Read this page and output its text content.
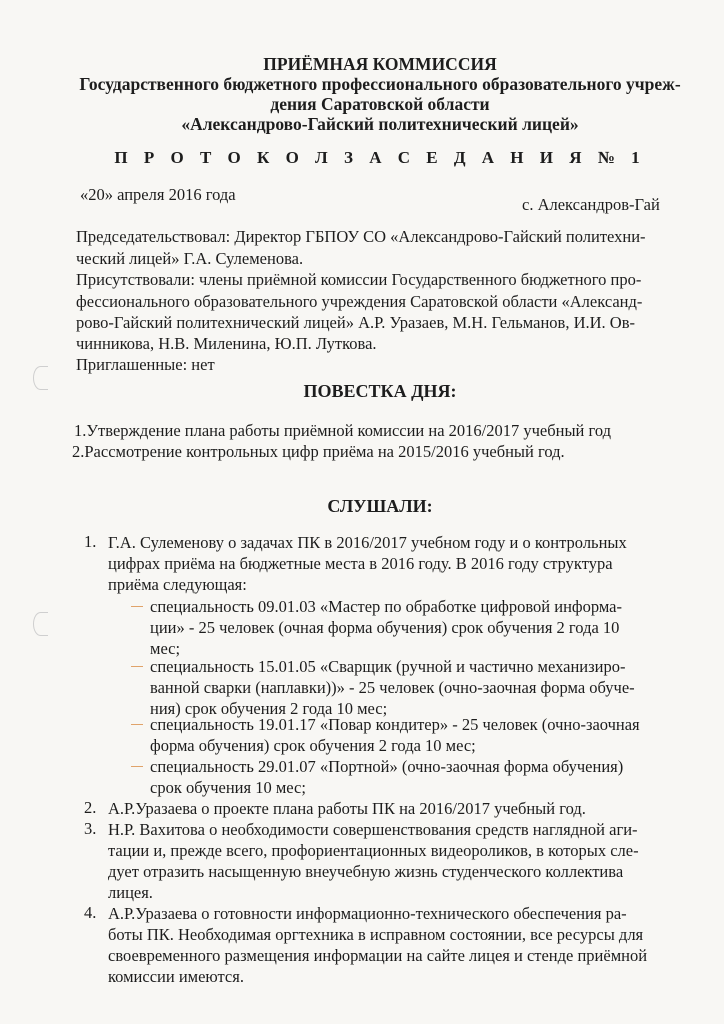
ПРИЁМНАЯ КОММИССИЯ
Государственного бюджетного профессионального образовательного учреж-
дения Саратовской области
«Александрово-Гайский политехнический лицей»
П Р О Т О К О Л З А С Е Д А Н И Я № 1
«20» апреля 2016 года
с. Александров-Гай
Председательствовал: Директор ГБПОУ СО «Александрово-Гайский политехни-
ческий лицей» Г.А. Сулеменова.
Присутствовали: члены приёмной комиссии Государственного бюджетного про-
фессионального образовательного учреждения Саратовской области «Александ-
рово-Гайский политехнический лицей» А.Р. Уразаев, М.Н. Гельманов, И.И. Ов-
чинникова, Н.В. Миленина, Ю.П. Луткова.
Приглашенные: нет
ПОВЕСТКА ДНЯ:
1.Утверждение плана работы приёмной комиссии на 2016/2017 учебный год
2.Рассмотрение контрольных цифр приёма на 2015/2016 учебный год.
СЛУШАЛИ:
1. Г.А. Сулеменову о задачах ПК в 2016/2017 учебном году и о контрольных
цифрах приёма на бюджетные места в 2016 году. В 2016 году структура
приёма следующая:
специальность 09.01.03 «Мастер по обработке цифровой информа-
ции» - 25 человек (очная форма обучения) срок обучения 2 года 10
мес;
специальность 15.01.05 «Сварщик (ручной и частично механизиро-
ванной сварки (наплавки))» - 25 человек (очно-заочная форма обуче-
ния) срок обучения 2 года 10 мес;
специальность 19.01.17 «Повар кондитер» - 25 человек (очно-заочная
форма обучения) срок обучения 2 года 10 мес;
специальность 29.01.07 «Портной» (очно-заочная форма обучения)
срок обучения 10 мес;
2. А.Р.Уразаева о проекте плана работы ПК на 2016/2017 учебный год.
3. Н.Р. Вахитова о необходимости совершенствования средств наглядной аги-
тации и, прежде всего, профориентационных видеороликов, в которых сле-
дует отразить насыщенную внеучебную жизнь студенческого коллектива
лицея.
4. А.Р.Уразаева о готовности информационно-технического обеспечения ра-
боты ПК. Необходимая оргтехника в исправном состоянии, все ресурсы для
своевременного размещения информации на сайте лицея и стенде приёмной
комиссии имеются.
